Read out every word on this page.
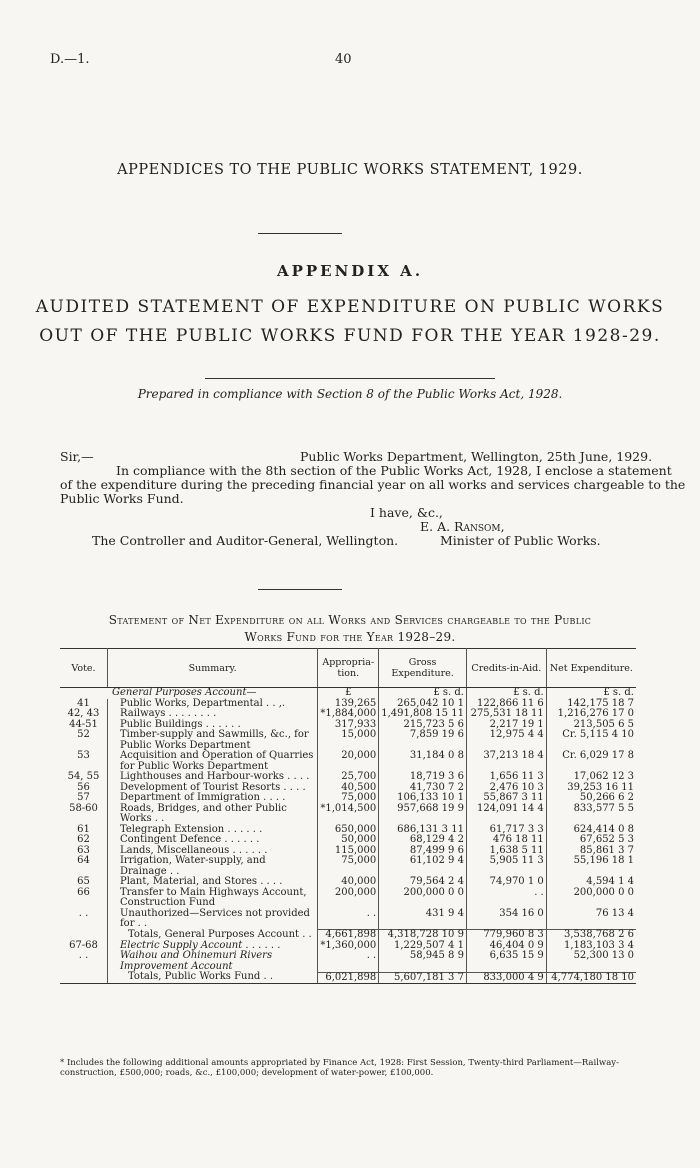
D.—1.	40
APPENDICES TO THE PUBLIC WORKS STATEMENT, 1929.
APPENDIX A.
AUDITED STATEMENT OF EXPENDITURE ON PUBLIC WORKS
OUT OF THE PUBLIC WORKS FUND FOR THE YEAR 1928-29.
Prepared in compliance with Section 8 of the Public Works Act, 1928.
Sir,—	Public Works Department, Wellington, 25th June, 1929.
In compliance with the 8th section of the Public Works Act, 1928, I enclose a statement
of the expenditure during the preceding financial year on all works and services chargeable to the
Public Works Fund.
I have, &c.,
E. A. Ransom,
The Controller and Auditor-General, Wellington.	Minister of Public Works.
Statement of Net Expenditure on all Works and Services chargeable to the Public
Works Fund for the Year 1928–29.
Vote.	Summary.	Appropria- tion.	Gross Expenditure.	Credits-in-Aid.	Net Expenditure.
General Purposes Account—		£	£ s. d.	£ s. d.	£ s. d.
41	Public Works, Departmental . . ,.	139,265	265,042 10 1	122,866 11 6	142,175 18 7
42, 43	Railways . . . . . . . .	*1,884,000	1,491,808 15 11	275,531 18 11	1,216,276 17 0
44-51	Public Buildings . . . . . .	317,933	215,723 5 6	2,217 19 1	213,505 6 5
52	Timber-supply and Sawmills, &c., for Public Works Department	15,000	7,859 19 6	12,975 4 4	Cr. 5,115 4 10
53	Acquisition and Operation of Quarries for Public Works Department	20,000	31,184 0 8	37,213 18 4	Cr. 6,029 17 8
54, 55	Lighthouses and Harbour-works . . . .	25,700	18,719 3 6	1,656 11 3	17,062 12 3
56	Development of Tourist Resorts . . . .	40,500	41,730 7 2	2,476 10 3	39,253 16 11
57	Department of Immigration . . . .	75,000	106,133 10 1	55,867 3 11	50,266 6 2
58-60	Roads, Bridges, and other Public Works . .	*1,014,500	957,668 19 9	124,091 14 4	833,577 5 5
61	Telegraph Extension . . . . . .	650,000	686,131 3 11	61,717 3 3	624,414 0 8
62	Contingent Defence . . . . . .	50,000	68,129 4 2	476 18 11	67,652 5 3
63	Lands, Miscellaneous . . . . . .	115,000	87,499 9 6	1,638 5 11	85,861 3 7
64	Irrigation, Water-supply, and Drainage . .	75,000	61,102 9 4	5,905 11 3	55,196 18 1
65	Plant, Material, and Stores . . . .	40,000	79,564 2 4	74,970 1 0	4,594 1 4
66	Transfer to Main Highways Account, Construction Fund	200,000	200,000 0 0	. .	200,000 0 0
. .	Unauthorized—Services not provided for . .	. .	431 9 4	354 16 0	76 13 4
	Totals, General Purposes Account . .	4,661,898	4,318,728 10 9	779,960 8 3	3,538,768 2 6
67-68	Electric Supply Account . . . . . .	*1,360,000	1,229,507 4 1	46,404 0 9	1,183,103 3 4
. .	Waihou and Ohinemuri Rivers Improvement Account	. .	58,945 8 9	6,635 15 9	52,300 13 0
	Totals, Public Works Fund . .	6,021,898	5,607,181 3 7	833,000 4 9	4,774,180 18 10
* Includes the following additional amounts appropriated by Finance Act, 1928: First Session, Twenty-third Parliament—Railway-construction, £500,000; roads, &c., £100,000; development of water-power, £100,000.
